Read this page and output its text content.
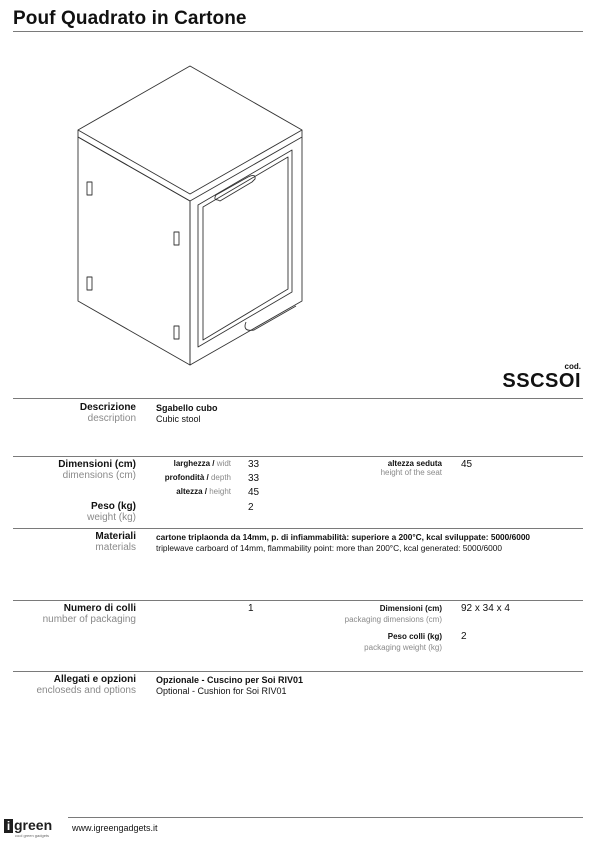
Pouf Quadrato in Cartone
cod.
SSCSOI
Descrizione
description
Sgabello cubo
Cubic stool
Dimensioni (cm)
dimensions (cm)
larghezza / widt 33
profondità / depth 33
altezza / height 45
altezza seduta
height of the seat
45
Peso (kg)
weight (kg)
2
Materiali
materials
cartone triplaonda da 14mm, p. di infiammabilità: superiore a 200°C, kcal sviluppate: 5000/6000
triplewave carboard of 14mm, flammability point: more than 200°C, kcal generated: 5000/6000
Numero di colli
number of packaging
1	Dimensioni (cm)
packaging dimensions (cm)
92 x 34 x 4
Peso colli (kg)
packaging weight (kg)
2
Allegati e opzioni
encloseds and options
Opzionale - Cuscino per Soi RIV01
Optional - Cushion for Soi RIV01
i green
cool green gadgets
www.igreengadgets.it
